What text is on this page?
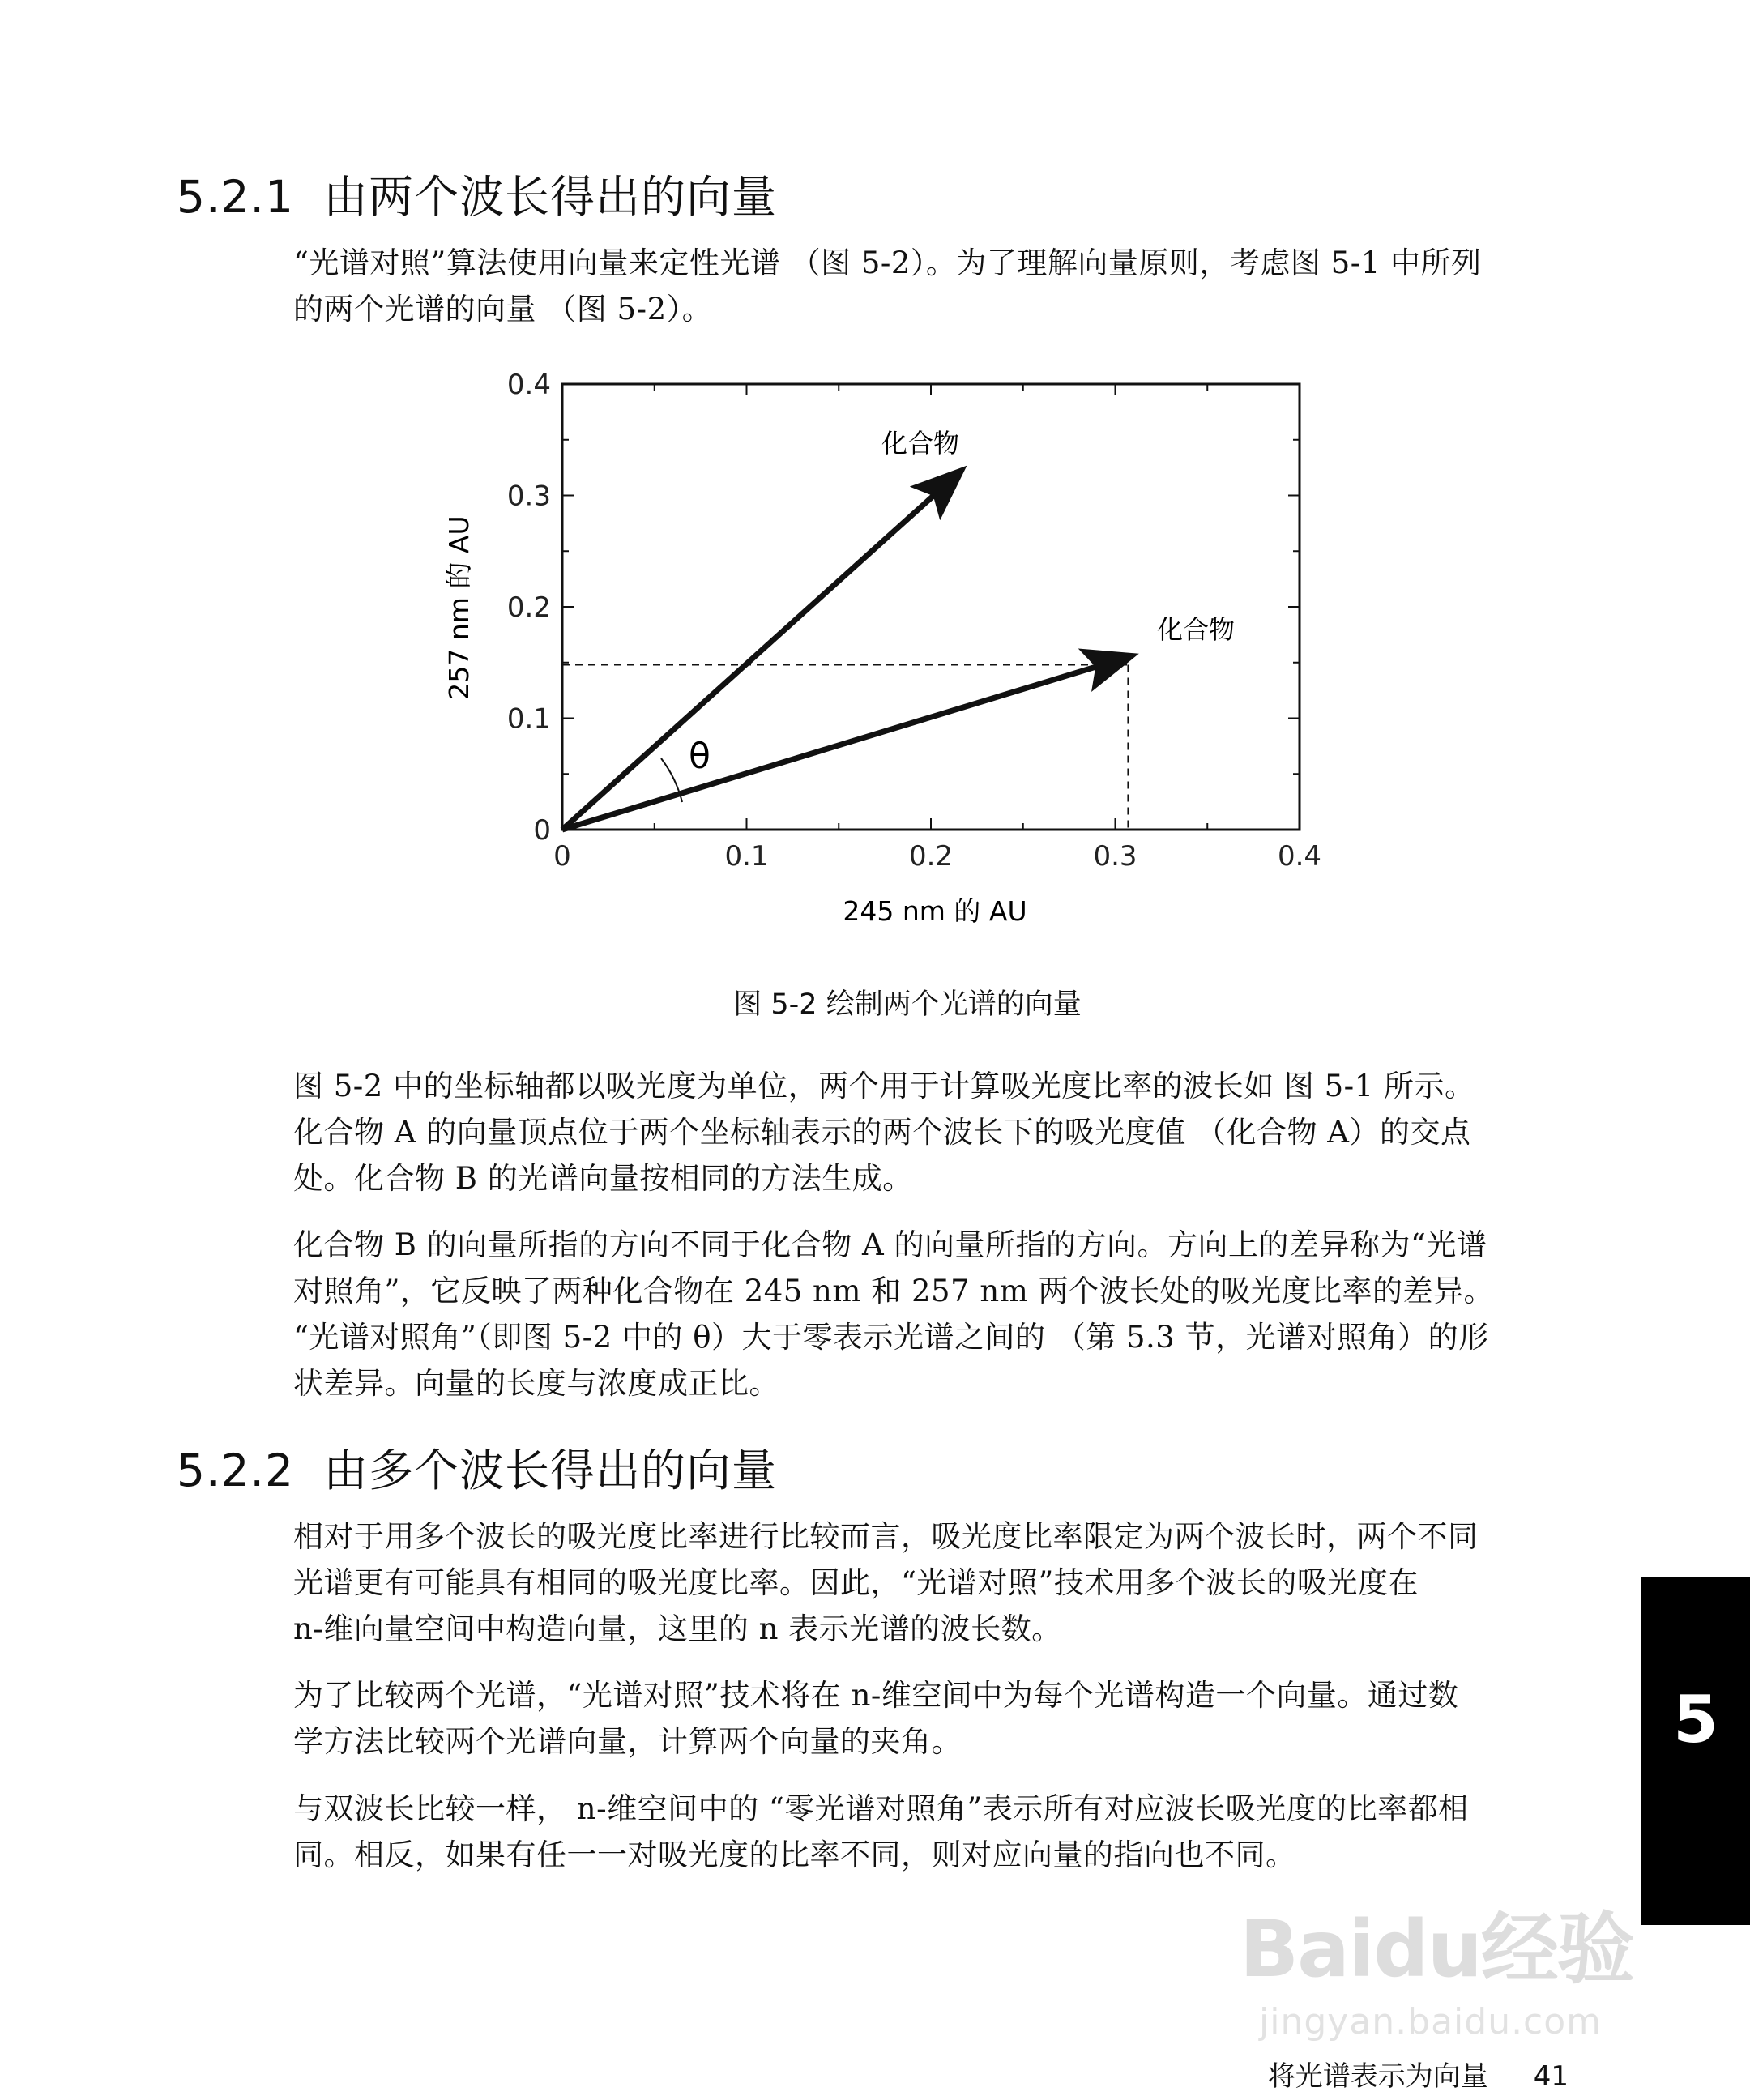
5.2.1 由两个波长得出的向量
“光谱对照”算法使用向量来定性光谱 （图 5-2）。为了理解向量原则，考虑图 5-1 中所列
的两个光谱的向量 （图 5-2）。
0	0.1	0.2	0.3	0.4
0
0.1
0.2
0.3
0.4
θ
化合物
化合物
245 nm 的 AU
257 nm 的 AU
图 5-2 绘制两个光谱的向量
图 5-2 中的坐标轴都以吸光度为单位，两个用于计算吸光度比率的波长如 图 5-1 所示。
化合物 A 的向量顶点位于两个坐标轴表示的两个波长下的吸光度值 （化合物 A）的交点
处。化合物 B 的光谱向量按相同的方法生成。
化合物 B 的向量所指的方向不同于化合物 A 的向量所指的方向。方向上的差异称为“光谱
对照角”，它反映了两种化合物在 245 nm 和 257 nm 两个波长处的吸光度比率的差异。
“光谱对照角”（即图 5-2 中的 θ）大于零表示光谱之间的 （第 5.3 节，光谱对照角）的形
状差异。向量的长度与浓度成正比。
5.2.2 由多个波长得出的向量
相对于用多个波长的吸光度比率进行比较而言，吸光度比率限定为两个波长时，两个不同
光谱更有可能具有相同的吸光度比率。因此，“光谱对照”技术用多个波长的吸光度在
n-维向量空间中构造向量，这里的 n 表示光谱的波长数。
为了比较两个光谱，“光谱对照”技术将在 n-维空间中为每个光谱构造一个向量。通过数
学方法比较两个光谱向量，计算两个向量的夹角。
与双波长比较一样， n-维空间中的 “零光谱对照角”表示所有对应波长吸光度的比率都相
同。相反，如果有任一一对吸光度的比率不同，则对应向量的指向也不同。
5
Baidu经验
jingyan.baidu.com
将光谱表示为向量 41
